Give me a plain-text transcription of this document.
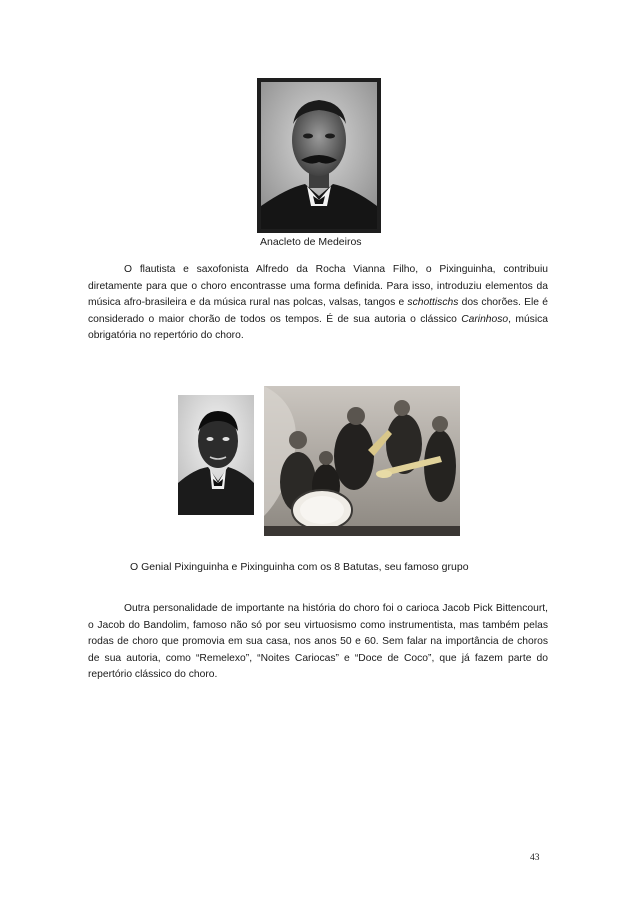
Anacleto de Medeiros
O flautista e saxofonista Alfredo da Rocha Vianna Filho, o Pixinguinha, contribuiu diretamente para que o choro encontrasse uma forma definida. Para isso, introduziu elementos da música afro-brasileira e da música rural nas polcas, valsas, tangos e schottischs dos chorões. Ele é considerado o maior chorão de todos os tempos. É de sua autoria o clássico Carinhoso, música obrigatória no repertório do choro.
O Genial Pixinguinha e Pixinguinha com os 8 Batutas, seu famoso grupo
Outra personalidade de importante na história do choro foi o carioca Jacob Pick Bittencourt, o Jacob do Bandolim, famoso não só por seu virtuosismo como instrumentista, mas também pelas rodas de choro que promovia em sua casa, nos anos 50 e 60. Sem falar na importância de choros de sua autoria, como “Remelexo”, “Noites Cariocas” e “Doce de Coco”, que já fazem parte do repertório clássico do choro.
43
